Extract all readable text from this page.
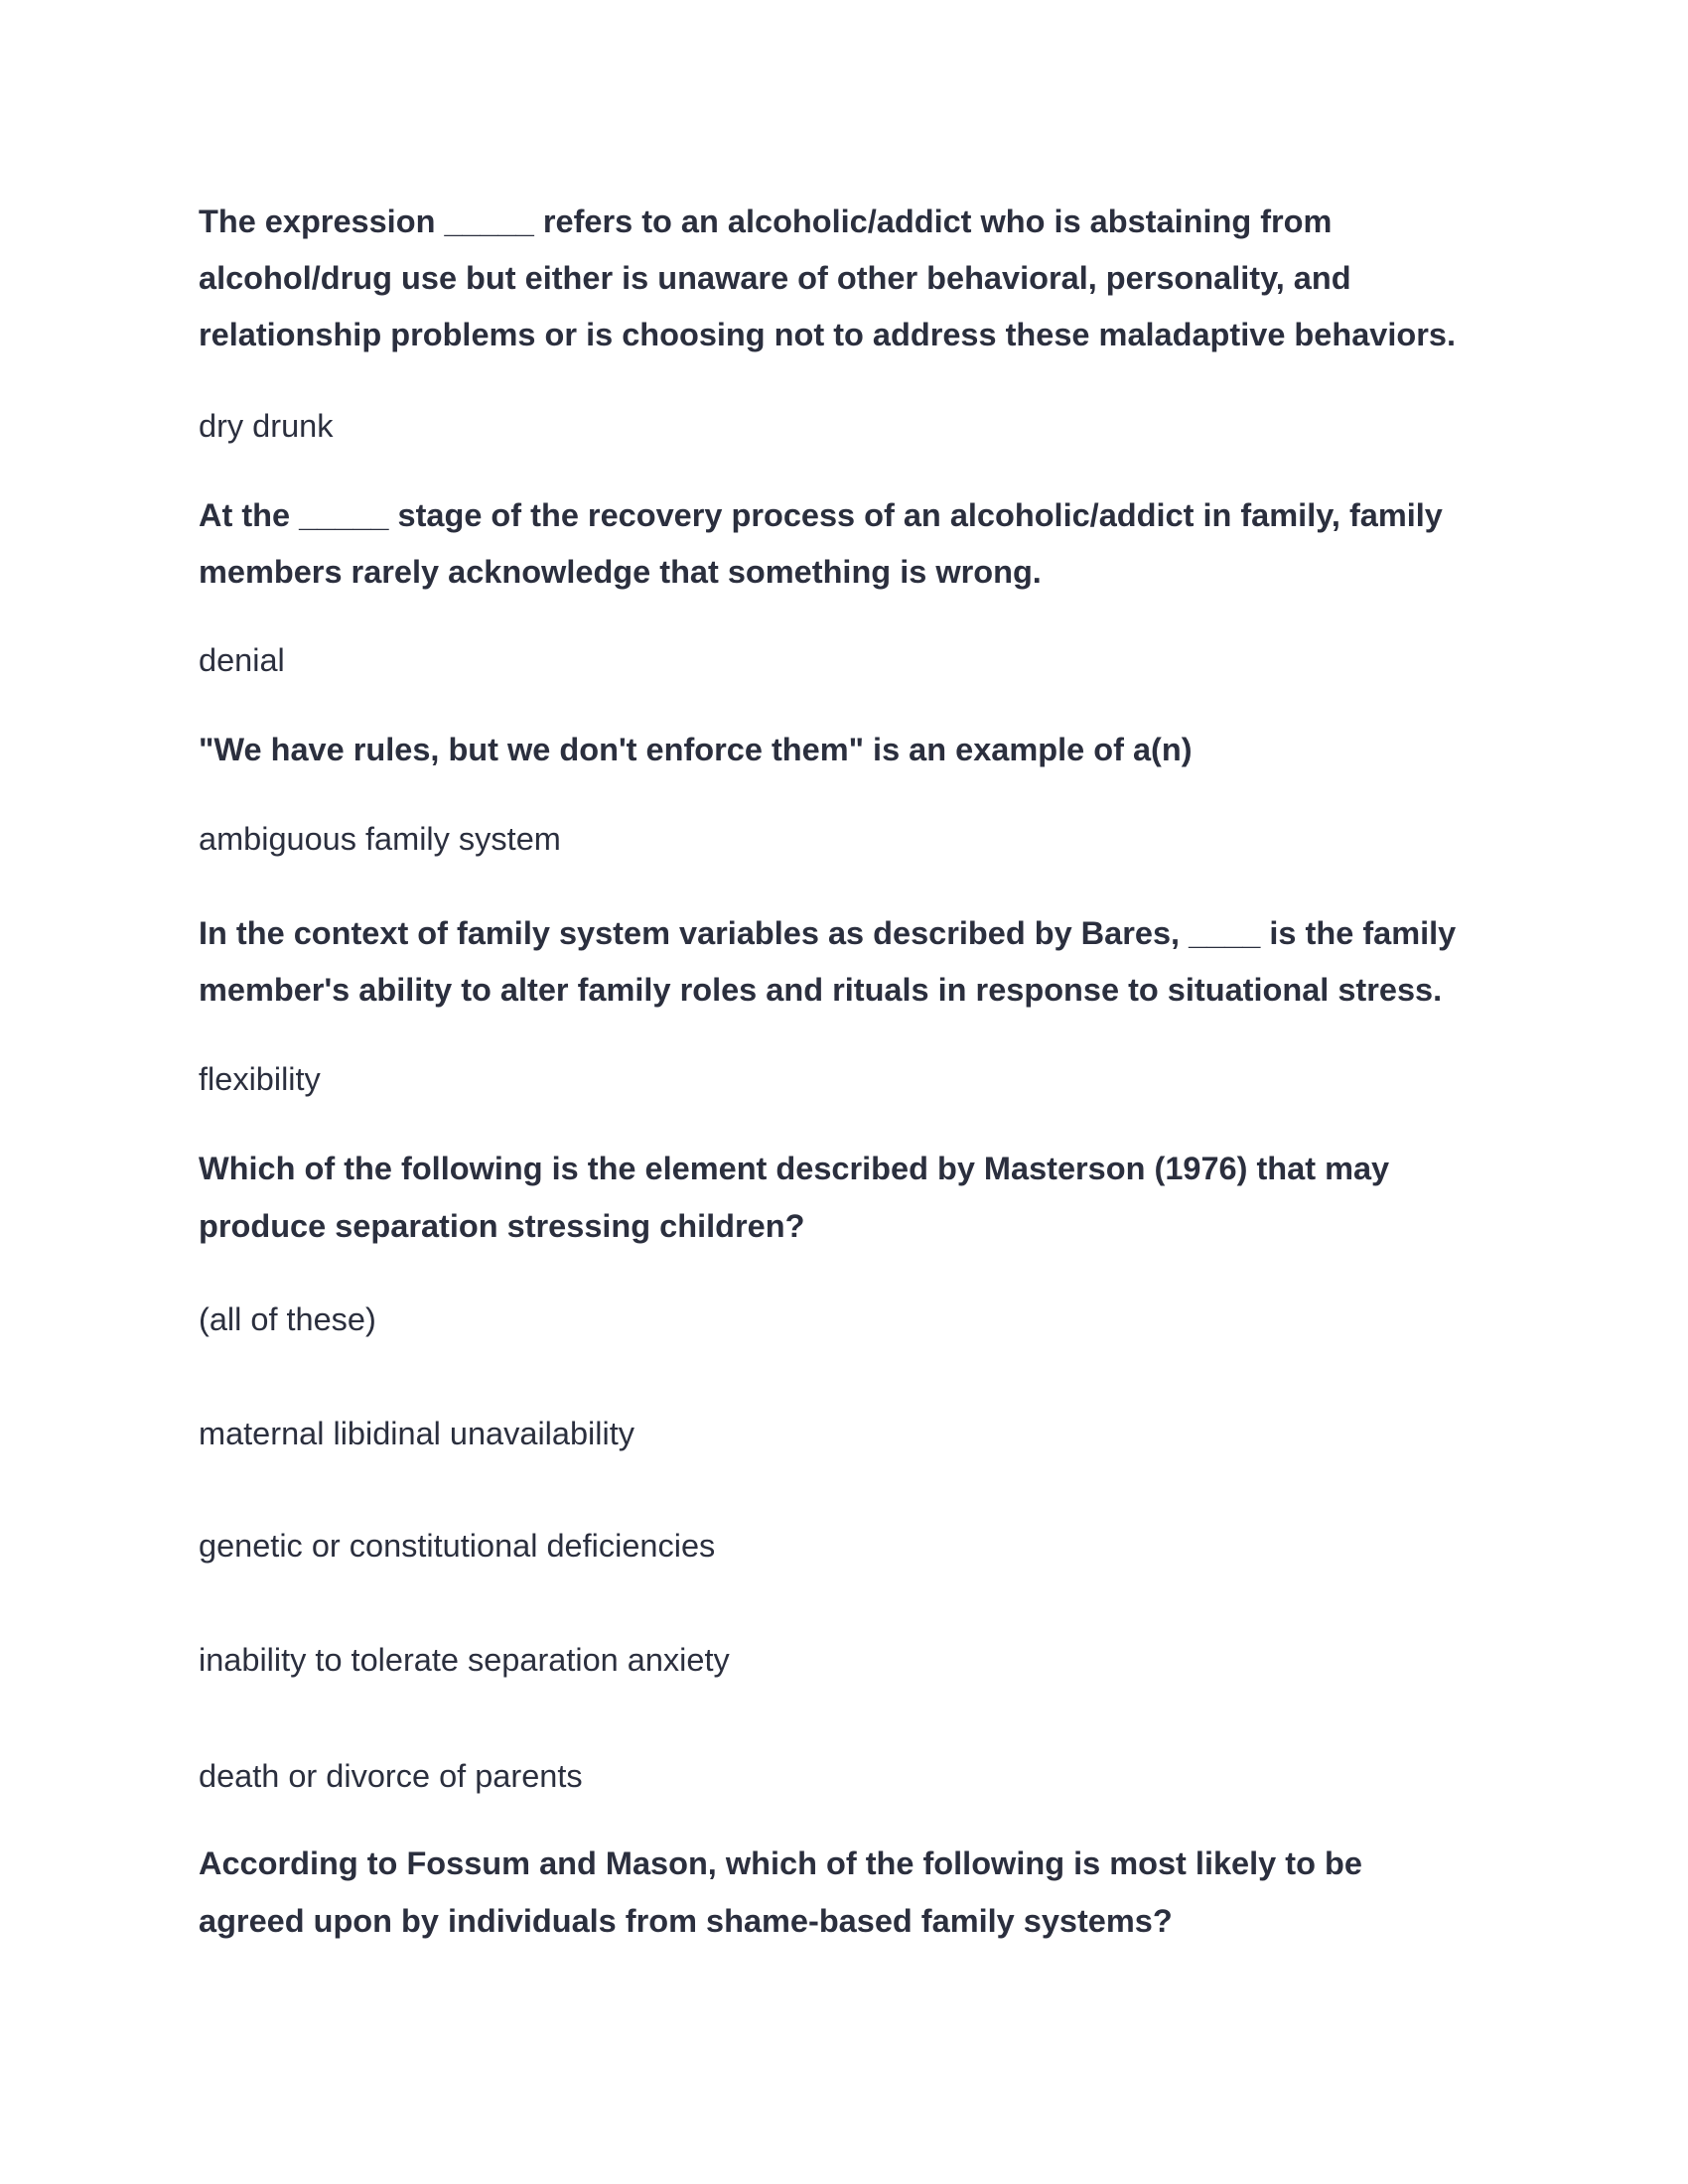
The expression _____ refers to an alcoholic/addict who is abstaining from
alcohol/drug use but either is unaware of other behavioral, personality, and
relationship problems or is choosing not to address these maladaptive behaviors.
dry drunk
At the _____ stage of the recovery process of an alcoholic/addict in family, family
members rarely acknowledge that something is wrong.
denial
"We have rules, but we don't enforce them" is an example of a(n)
ambiguous family system
In the context of family system variables as described by Bares, ____ is the family
member's ability to alter family roles and rituals in response to situational stress.
flexibility
Which of the following is the element described by Masterson (1976) that may
produce separation stressing children?
(all of these)
maternal libidinal unavailability
genetic or constitutional deficiencies
inability to tolerate separation anxiety
death or divorce of parents
According to Fossum and Mason, which of the following is most likely to be
agreed upon by individuals from shame-based family systems?
